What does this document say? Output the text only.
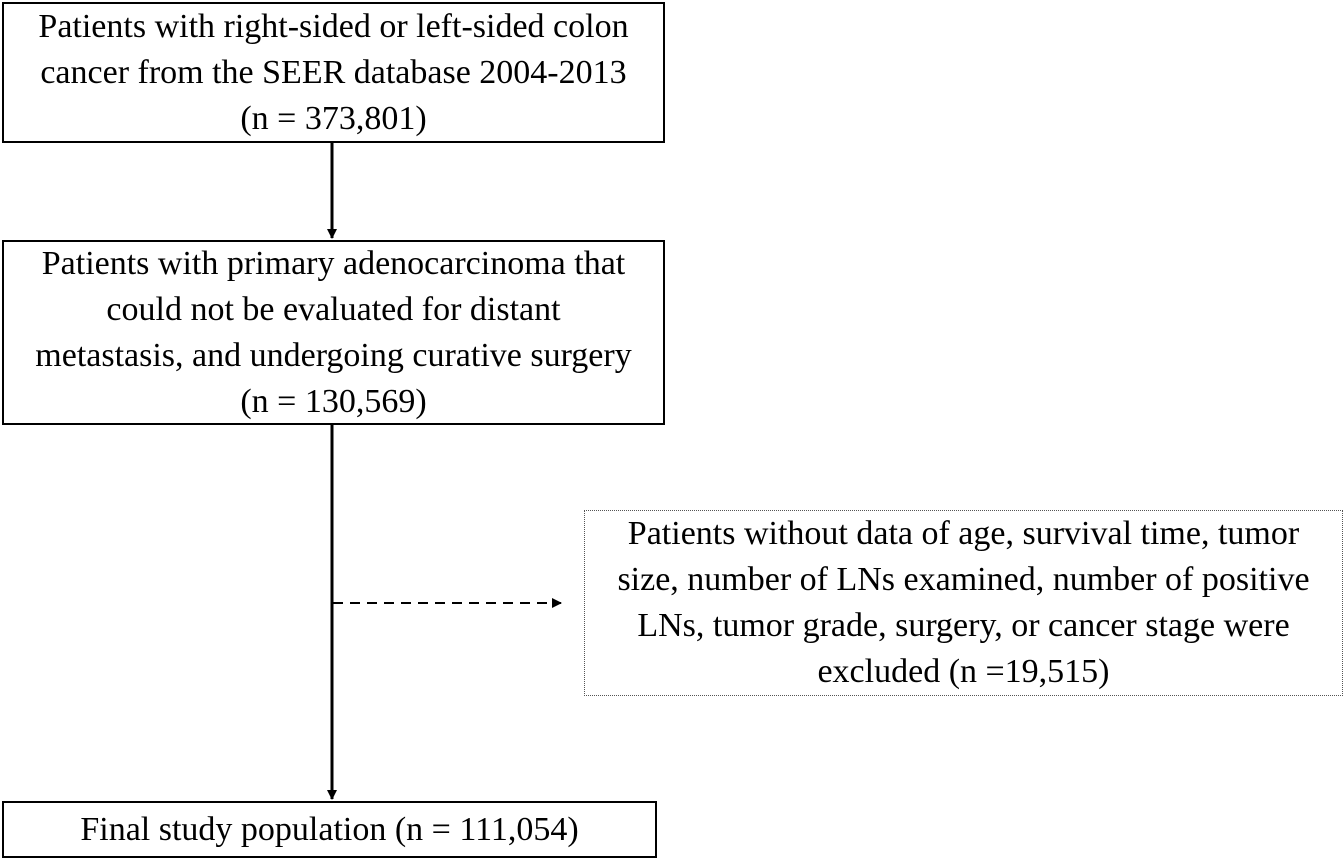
Patients with right-sided or left-sided colon
cancer from the SEER database 2004-2013
(n = 373,801)
Patients with primary adenocarcinoma that
could not be evaluated for distant
metastasis, and undergoing curative surgery
(n = 130,569)
Patients without data of age, survival time, tumor
size, number of LNs examined, number of positive
LNs, tumor grade, surgery, or cancer stage were
excluded (n =19,515)
Final study population (n = 111,054)
